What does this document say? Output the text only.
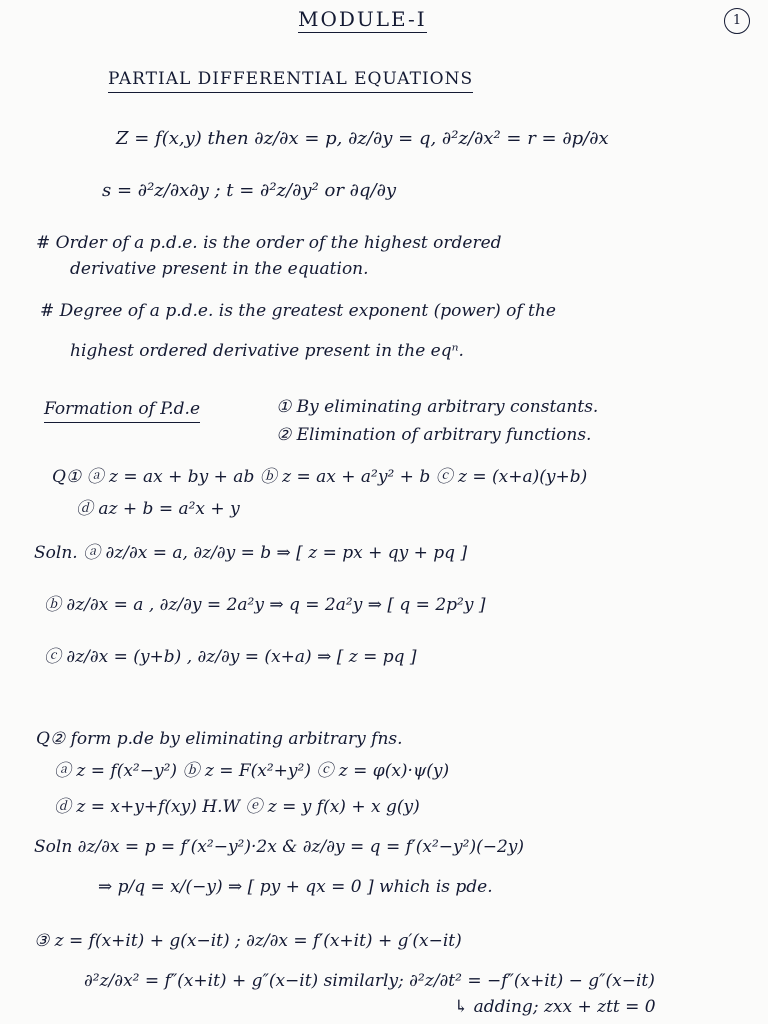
1
MODULE-I
PARTIAL DIFFERENTIAL EQUATIONS
Z = f(x,y) then ∂z/∂x = p, ∂z/∂y = q, ∂²z/∂x² = r = ∂p/∂x
s = ∂²z/∂x∂y ; t = ∂²z/∂y² or ∂q/∂y
# Order of a p.d.e. is the order of the highest ordered
derivative present in the equation.
# Degree of a p.d.e. is the greatest exponent (power) of the
highest ordered derivative present in the eqⁿ.
Formation of P.d.e	① By eliminating arbitrary constants.
② Elimination of arbitrary functions.
Q① ⓐ z = ax + by + ab ⓑ z = ax + a²y² + b ⓒ z = (x+a)(y+b)
ⓓ az + b = a²x + y
Soln. ⓐ ∂z/∂x = a, ∂z/∂y = b ⇒ [ z = px + qy + pq ]
ⓑ ∂z/∂x = a , ∂z/∂y = 2a²y ⇒ q = 2a²y ⇒ [ q = 2p²y ]
ⓒ ∂z/∂x = (y+b) , ∂z/∂y = (x+a) ⇒ [ z = pq ]
Q② form p.de by eliminating arbitrary fns.
ⓐ z = f(x²−y²) ⓑ z = F(x²+y²) ⓒ z = φ(x)·ψ(y)
ⓓ z = x+y+f(xy) H.W ⓔ z = y f(x) + x g(y)
Soln ∂z/∂x = p = f′(x²−y²)·2x & ∂z/∂y = q = f′(x²−y²)(−2y)
⇒ p/q = x/(−y) ⇒ [ py + qx = 0 ] which is pde.
③ z = f(x+it) + g(x−it) ; ∂z/∂x = f′(x+it) + g′(x−it)
∂²z/∂x² = f″(x+it) + g″(x−it) similarly; ∂²z/∂t² = −f″(x+it) − g″(x−it)
↳ adding; zxx + ztt = 0
